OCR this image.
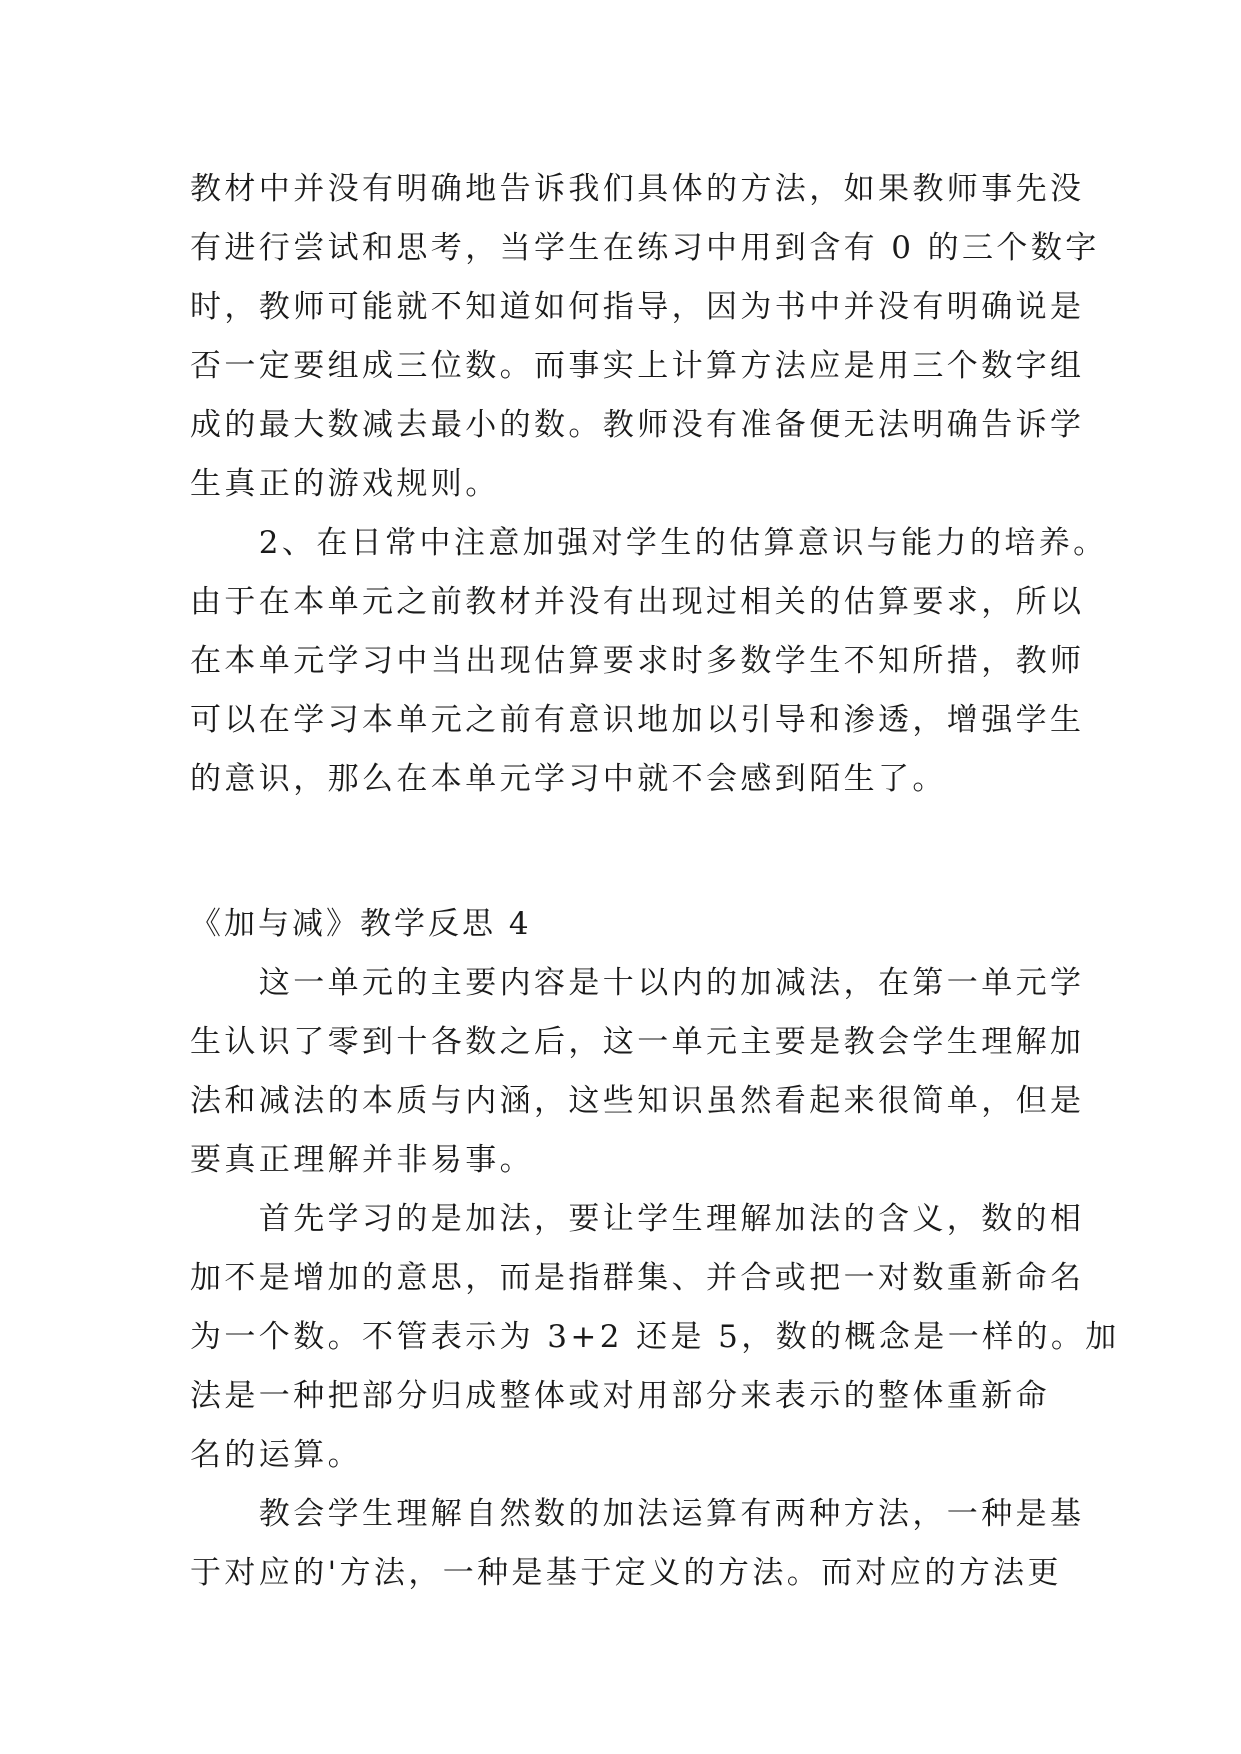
教材中并没有明确地告诉我们具体的方法，如果教师事先没
有进行尝试和思考，当学生在练习中用到含有 0 的三个数字
时，教师可能就不知道如何指导，因为书中并没有明确说是
否一定要组成三位数。而事实上计算方法应是用三个数字组
成的最大数减去最小的数。教师没有准备便无法明确告诉学
生真正的游戏规则。
　　2、在日常中注意加强对学生的估算意识与能力的培养。
由于在本单元之前教材并没有出现过相关的估算要求，所以
在本单元学习中当出现估算要求时多数学生不知所措，教师
可以在学习本单元之前有意识地加以引导和渗透，增强学生
的意识，那么在本单元学习中就不会感到陌生了。
《加与减》教学反思 4
　　这一单元的主要内容是十以内的加减法，在第一单元学
生认识了零到十各数之后，这一单元主要是教会学生理解加
法和减法的本质与内涵，这些知识虽然看起来很简单，但是
要真正理解并非易事。
　　首先学习的是加法，要让学生理解加法的含义，数的相
加不是增加的意思，而是指群集、并合或把一对数重新命名
为一个数。不管表示为 3+2 还是 5，数的概念是一样的。加
法是一种把部分归成整体或对用部分来表示的整体重新命
名的运算。
　　教会学生理解自然数的加法运算有两种方法，一种是基
于对应的'方法，一种是基于定义的方法。而对应的方法更
